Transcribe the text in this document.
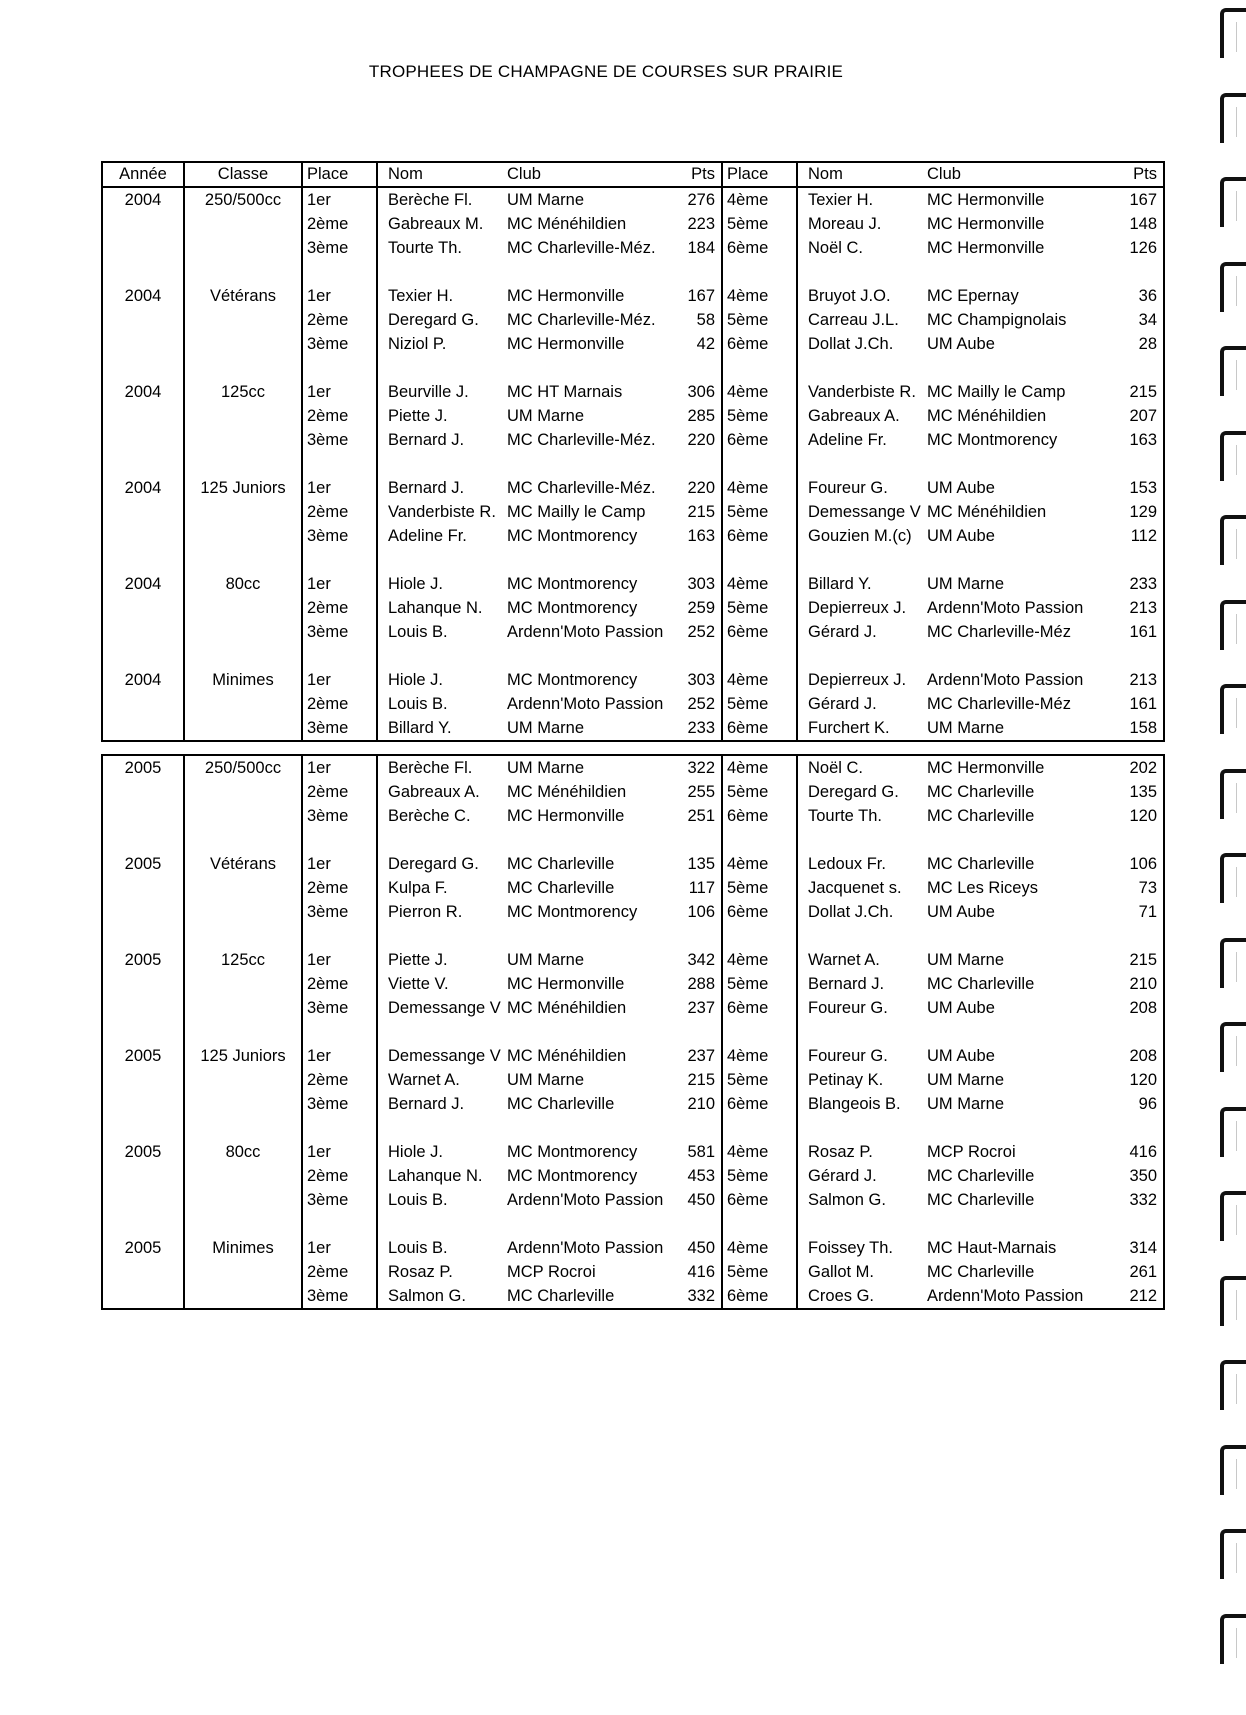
TROPHEES DE CHAMPAGNE DE COURSES SUR PRAIRIE
Année	Classe	Place	Nom	Club	Pts	Place	Nom	Club	Pts
2004	250/500cc	1er	Berèche Fl.	UM Marne	276	4ème	Texier H.	MC Hermonville	167
		2ème	Gabreaux M.	MC Ménéhildien	223	5ème	Moreau J.	MC Hermonville	148
		3ème	Tourte Th.	MC Charleville-Méz.	184	6ème	Noël C.	MC Hermonville	126

2004	Vétérans	1er	Texier H.	MC Hermonville	167	4ème	Bruyot J.O.	MC Epernay	36
		2ème	Deregard G.	MC Charleville-Méz.	58	5ème	Carreau J.L.	MC Champignolais	34
		3ème	Niziol P.	MC Hermonville	42	6ème	Dollat J.Ch.	UM Aube	28

2004	125cc	1er	Beurville J.	MC HT Marnais	306	4ème	Vanderbiste R.	MC Mailly le Camp	215
		2ème	Piette J.	UM Marne	285	5ème	Gabreaux A.	MC Ménéhildien	207
		3ème	Bernard J.	MC Charleville-Méz.	220	6ème	Adeline Fr.	MC Montmorency	163

2004	125 Juniors	1er	Bernard J.	MC Charleville-Méz.	220	4ème	Foureur G.	UM Aube	153
		2ème	Vanderbiste R.	MC Mailly le Camp	215	5ème	Demessange V	MC Ménéhildien	129
		3ème	Adeline Fr.	MC Montmorency	163	6ème	Gouzien M.(c)	UM Aube	112

2004	80cc	1er	Hiole J.	MC Montmorency	303	4ème	Billard Y.	UM Marne	233
		2ème	Lahanque N.	MC Montmorency	259	5ème	Depierreux J.	Ardenn'Moto Passion	213
		3ème	Louis B.	Ardenn'Moto Passion	252	6ème	Gérard J.	MC Charleville-Méz	161

2004	Minimes	1er	Hiole J.	MC Montmorency	303	4ème	Depierreux J.	Ardenn'Moto Passion	213
		2ème	Louis B.	Ardenn'Moto Passion	252	5ème	Gérard J.	MC Charleville-Méz	161
		3ème	Billard Y.	UM Marne	233	6ème	Furchert K.	UM Marne	158
2005	250/500cc	1er	Berèche Fl.	UM Marne	322	4ème	Noël C.	MC Hermonville	202
		2ème	Gabreaux A.	MC Ménéhildien	255	5ème	Deregard G.	MC Charleville	135
		3ème	Berèche C.	MC Hermonville	251	6ème	Tourte Th.	MC Charleville	120

2005	Vétérans	1er	Deregard G.	MC Charleville	135	4ème	Ledoux Fr.	MC Charleville	106
		2ème	Kulpa F.	MC Charleville	117	5ème	Jacquenet s.	MC Les Riceys	73
		3ème	Pierron R.	MC Montmorency	106	6ème	Dollat J.Ch.	UM Aube	71

2005	125cc	1er	Piette J.	UM Marne	342	4ème	Warnet A.	UM Marne	215
		2ème	Viette V.	MC Hermonville	288	5ème	Bernard J.	MC Charleville	210
		3ème	Demessange V	MC Ménéhildien	237	6ème	Foureur G.	UM Aube	208

2005	125 Juniors	1er	Demessange V	MC Ménéhildien	237	4ème	Foureur G.	UM Aube	208
		2ème	Warnet A.	UM Marne	215	5ème	Petinay K.	UM Marne	120
		3ème	Bernard J.	MC Charleville	210	6ème	Blangeois B.	UM Marne	96

2005	80cc	1er	Hiole J.	MC Montmorency	581	4ème	Rosaz P.	MCP Rocroi	416
		2ème	Lahanque N.	MC Montmorency	453	5ème	Gérard J.	MC Charleville	350
		3ème	Louis B.	Ardenn'Moto Passion	450	6ème	Salmon G.	MC Charleville	332

2005	Minimes	1er	Louis B.	Ardenn'Moto Passion	450	4ème	Foissey Th.	MC Haut-Marnais	314
		2ème	Rosaz P.	MCP Rocroi	416	5ème	Gallot M.	MC Charleville	261
		3ème	Salmon G.	MC Charleville	332	6ème	Croes G.	Ardenn'Moto Passion	212
